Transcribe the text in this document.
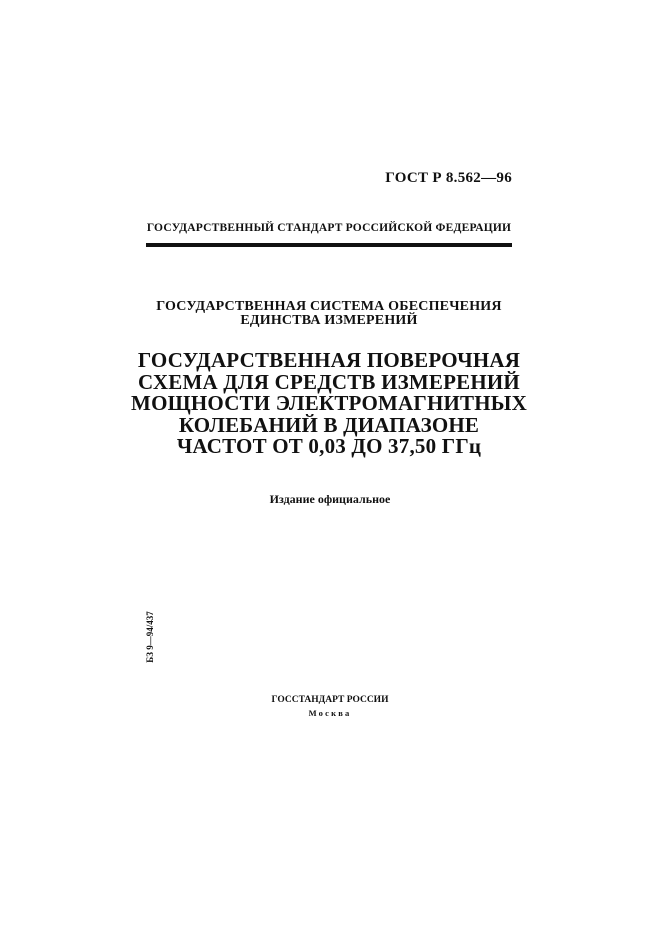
ГОСТ Р 8.562—96
ГОСУДАРСТВЕННЫЙ СТАНДАРТ РОССИЙСКОЙ ФЕДЕРАЦИИ
ГОСУДАРСТВЕННАЯ СИСТЕМА ОБЕСПЕЧЕНИЯ
ЕДИНСТВА ИЗМЕРЕНИЙ
ГОСУДАРСТВЕННАЯ ПОВЕРОЧНАЯ
СХЕМА ДЛЯ СРЕДСТВ ИЗМЕРЕНИЙ
МОЩНОСТИ ЭЛЕКТРОМАГНИТНЫХ
КОЛЕБАНИЙ В ДИАПАЗОНЕ
ЧАСТОТ ОТ 0,03 ДО 37,50 ГГц
Издание официальное
БЗ 9—94/437
ГОССТАНДАРТ РОССИИ
Москва
